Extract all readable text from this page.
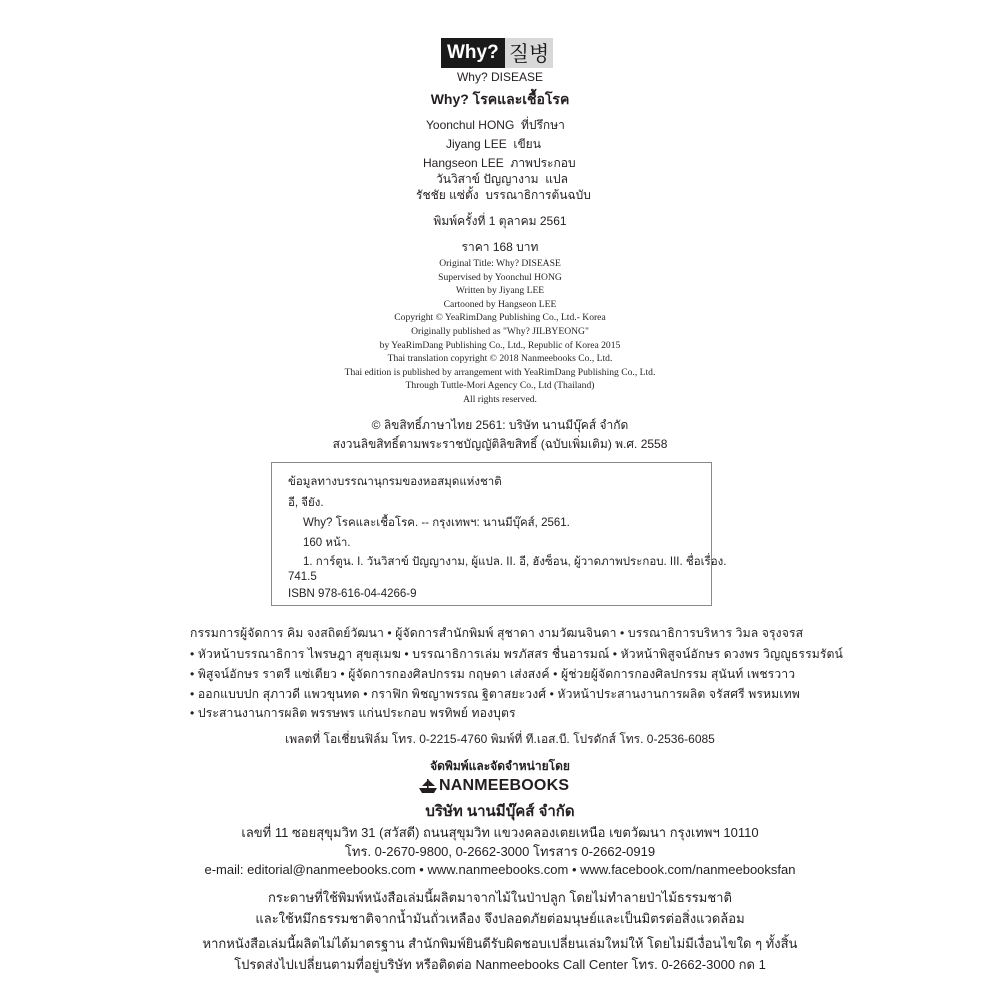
Why? 질병
Why? DISEASE
Why? โรคและเชื้อโรค
Yoonchul HONG ที่ปรึกษา
Jiyang LEE เขียน
Hangseon LEE ภาพประกอบ
วันวิสาข์ ปัญญางาม แปล
รัชชัย แซ่ตั้ง บรรณาธิการต้นฉบับ
พิมพ์ครั้งที่ 1 ตุลาคม 2561
ราคา 168 บาท
Original Title: Why? DISEASE
Supervised by Yoonchul HONG
Written by Jiyang LEE
Cartooned by Hangseon LEE
Copyright © YeaRimDang Publishing Co., Ltd.- Korea
Originally published as "Why? JILBYEONG"
by YeaRimDang Publishing Co., Ltd., Republic of Korea 2015
Thai translation copyright © 2018 Nanmeebooks Co., Ltd.
Thai edition is published by arrangement with YeaRimDang Publishing Co., Ltd.
Through Tuttle-Mori Agency Co., Ltd (Thailand)
All rights reserved.
© ลิขสิทธิ์ภาษาไทย 2561: บริษัท นานมีบุ๊คส์ จำกัด
สงวนลิขสิทธิ์ตามพระราชบัญญัติลิขสิทธิ์ (ฉบับเพิ่มเติม) พ.ศ. 2558
ข้อมูลทางบรรณานุกรมของหอสมุดแห่งชาติ
อี, จียัง.
Why? โรคและเชื้อโรค. -- กรุงเทพฯ: นานมีบุ๊คส์, 2561.
160 หน้า.
1. การ์ตูน. I. วันวิสาข์ ปัญญางาม, ผู้แปล. II. อี, ฮังซ็อน, ผู้วาดภาพประกอบ. III. ชื่อเรื่อง.
741.5
ISBN 978-616-04-4266-9
กรรมการผู้จัดการ คิม จงสถิตย์วัฒนา • ผู้จัดการสำนักพิมพ์ สุชาดา งามวัฒนจินดา • บรรณาธิการบริหาร วิมล จรุงจรส
• หัวหน้าบรรณาธิการ ไพรษฎา สุขสุเมฆ • บรรณาธิการเล่ม พรภัสสร ชื่นอารมณ์ • หัวหน้าพิสูจน์อักษร ดวงพร วิญญูธรรมรัตน์
• พิสูจน์อักษร ราตรี แซ่เตียว • ผู้จัดการกองศิลปกรรม กฤษดา เส่งสงค์ • ผู้ช่วยผู้จัดการกองศิลปกรรม สุนันท์ เพชรวาว
• ออกแบบปก สุภาวดี แพวขุนทด • กราฟิก พิชญาพรรณ ฐิตาสยะวงศ์ • หัวหน้าประสานงานการผลิต จรัสศรี พรหมเทพ
• ประสานงานการผลิต พรรษพร แก่นประกอบ พรทิพย์ ทองบุตร
เพลตที่ โอเชี่ยนฟิล์ม โทร. 0-2215-4760 พิมพ์ที่ ที.เอส.บี. โปรดักส์ โทร. 0-2536-6085
จัดพิมพ์และจัดจำหน่ายโดย
NANMEEBOOKS
บริษัท นานมีบุ๊คส์ จำกัด
เลขที่ 11 ซอยสุขุมวิท 31 (สวัสดี) ถนนสุขุมวิท แขวงคลองเตยเหนือ เขตวัฒนา กรุงเทพฯ 10110
โทร. 0-2670-9800, 0-2662-3000 โทรสาร 0-2662-0919
e-mail: editorial@nanmeebooks.com • www.nanmeebooks.com • www.facebook.com/nanmeebooksfan
กระดาษที่ใช้พิมพ์หนังสือเล่มนี้ผลิตมาจากไม้ในป่าปลูก โดยไม่ทำลายป่าไม้ธรรมชาติ
และใช้หมึกธรรมชาติจากน้ำมันถั่วเหลือง จึงปลอดภัยต่อมนุษย์และเป็นมิตรต่อสิ่งแวดล้อม
หากหนังสือเล่มนี้ผลิตไม่ได้มาตรฐาน สำนักพิมพ์ยินดีรับผิดชอบเปลี่ยนเล่มใหม่ให้ โดยไม่มีเงื่อนไขใด ๆ ทั้งสิ้น
โปรดส่งไปเปลี่ยนตามที่อยู่บริษัท หรือติดต่อ Nanmeebooks Call Center โทร. 0-2662-3000 กด 1
